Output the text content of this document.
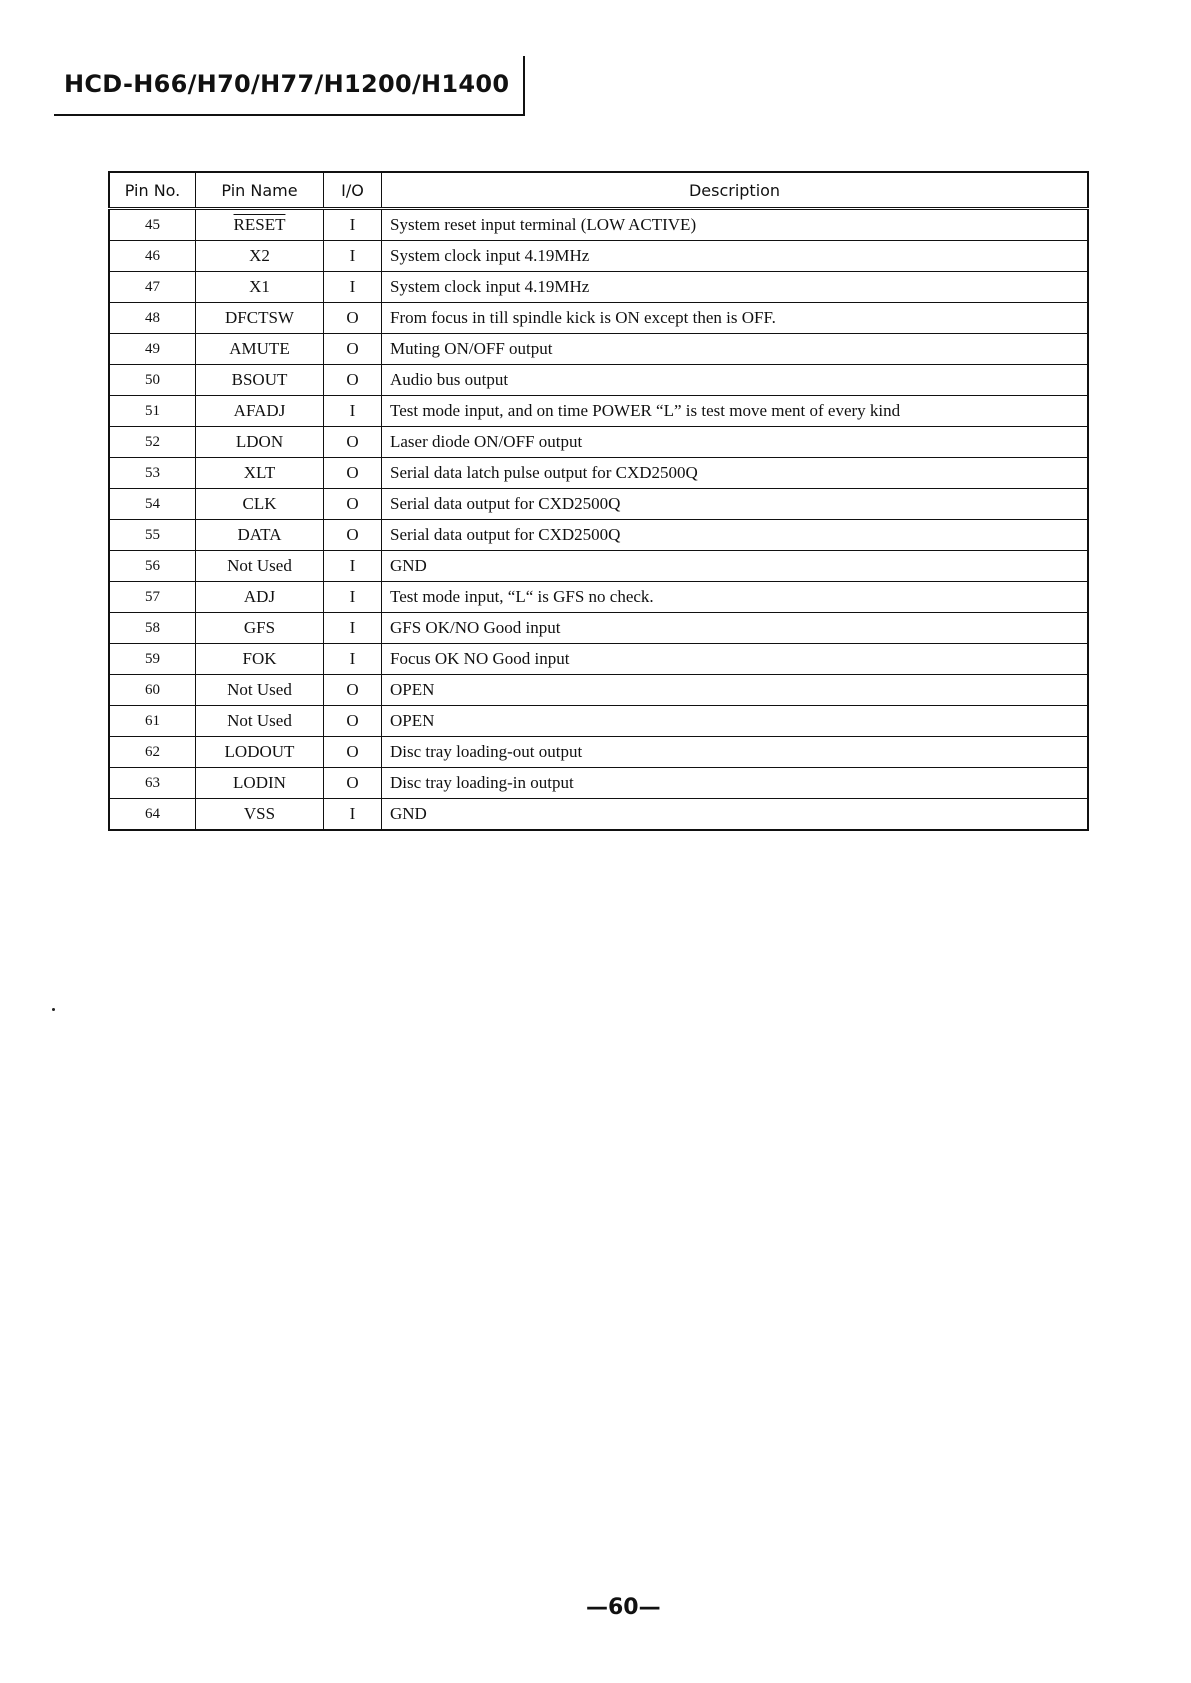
HCD-H66/H70/H77/H1200/H1400
Pin No.	Pin Name	I/O	Description
45	RESET	I	System reset input terminal (LOW ACTIVE)
46	X2	I	System clock input 4.19MHz
47	X1	I	System clock input 4.19MHz
48	DFCTSW	O	From focus in till spindle kick is ON except then is OFF.
49	AMUTE	O	Muting ON/OFF output
50	BSOUT	O	Audio bus output
51	AFADJ	I	Test mode input, and on time POWER “L” is test move ment of every kind
52	LDON	O	Laser diode ON/OFF output
53	XLT	O	Serial data latch pulse output for CXD2500Q
54	CLK	O	Serial data output for CXD2500Q
55	DATA	O	Serial data output for CXD2500Q
56	Not Used	I	GND
57	ADJ	I	Test mode input, “L“ is GFS no check.
58	GFS	I	GFS OK/NO Good input
59	FOK	I	Focus OK NO Good input
60	Not Used	O	OPEN
61	Not Used	O	OPEN
62	LODOUT	O	Disc tray loading-out output
63	LODIN	O	Disc tray loading-in output
64	VSS	I	GND
—60—
